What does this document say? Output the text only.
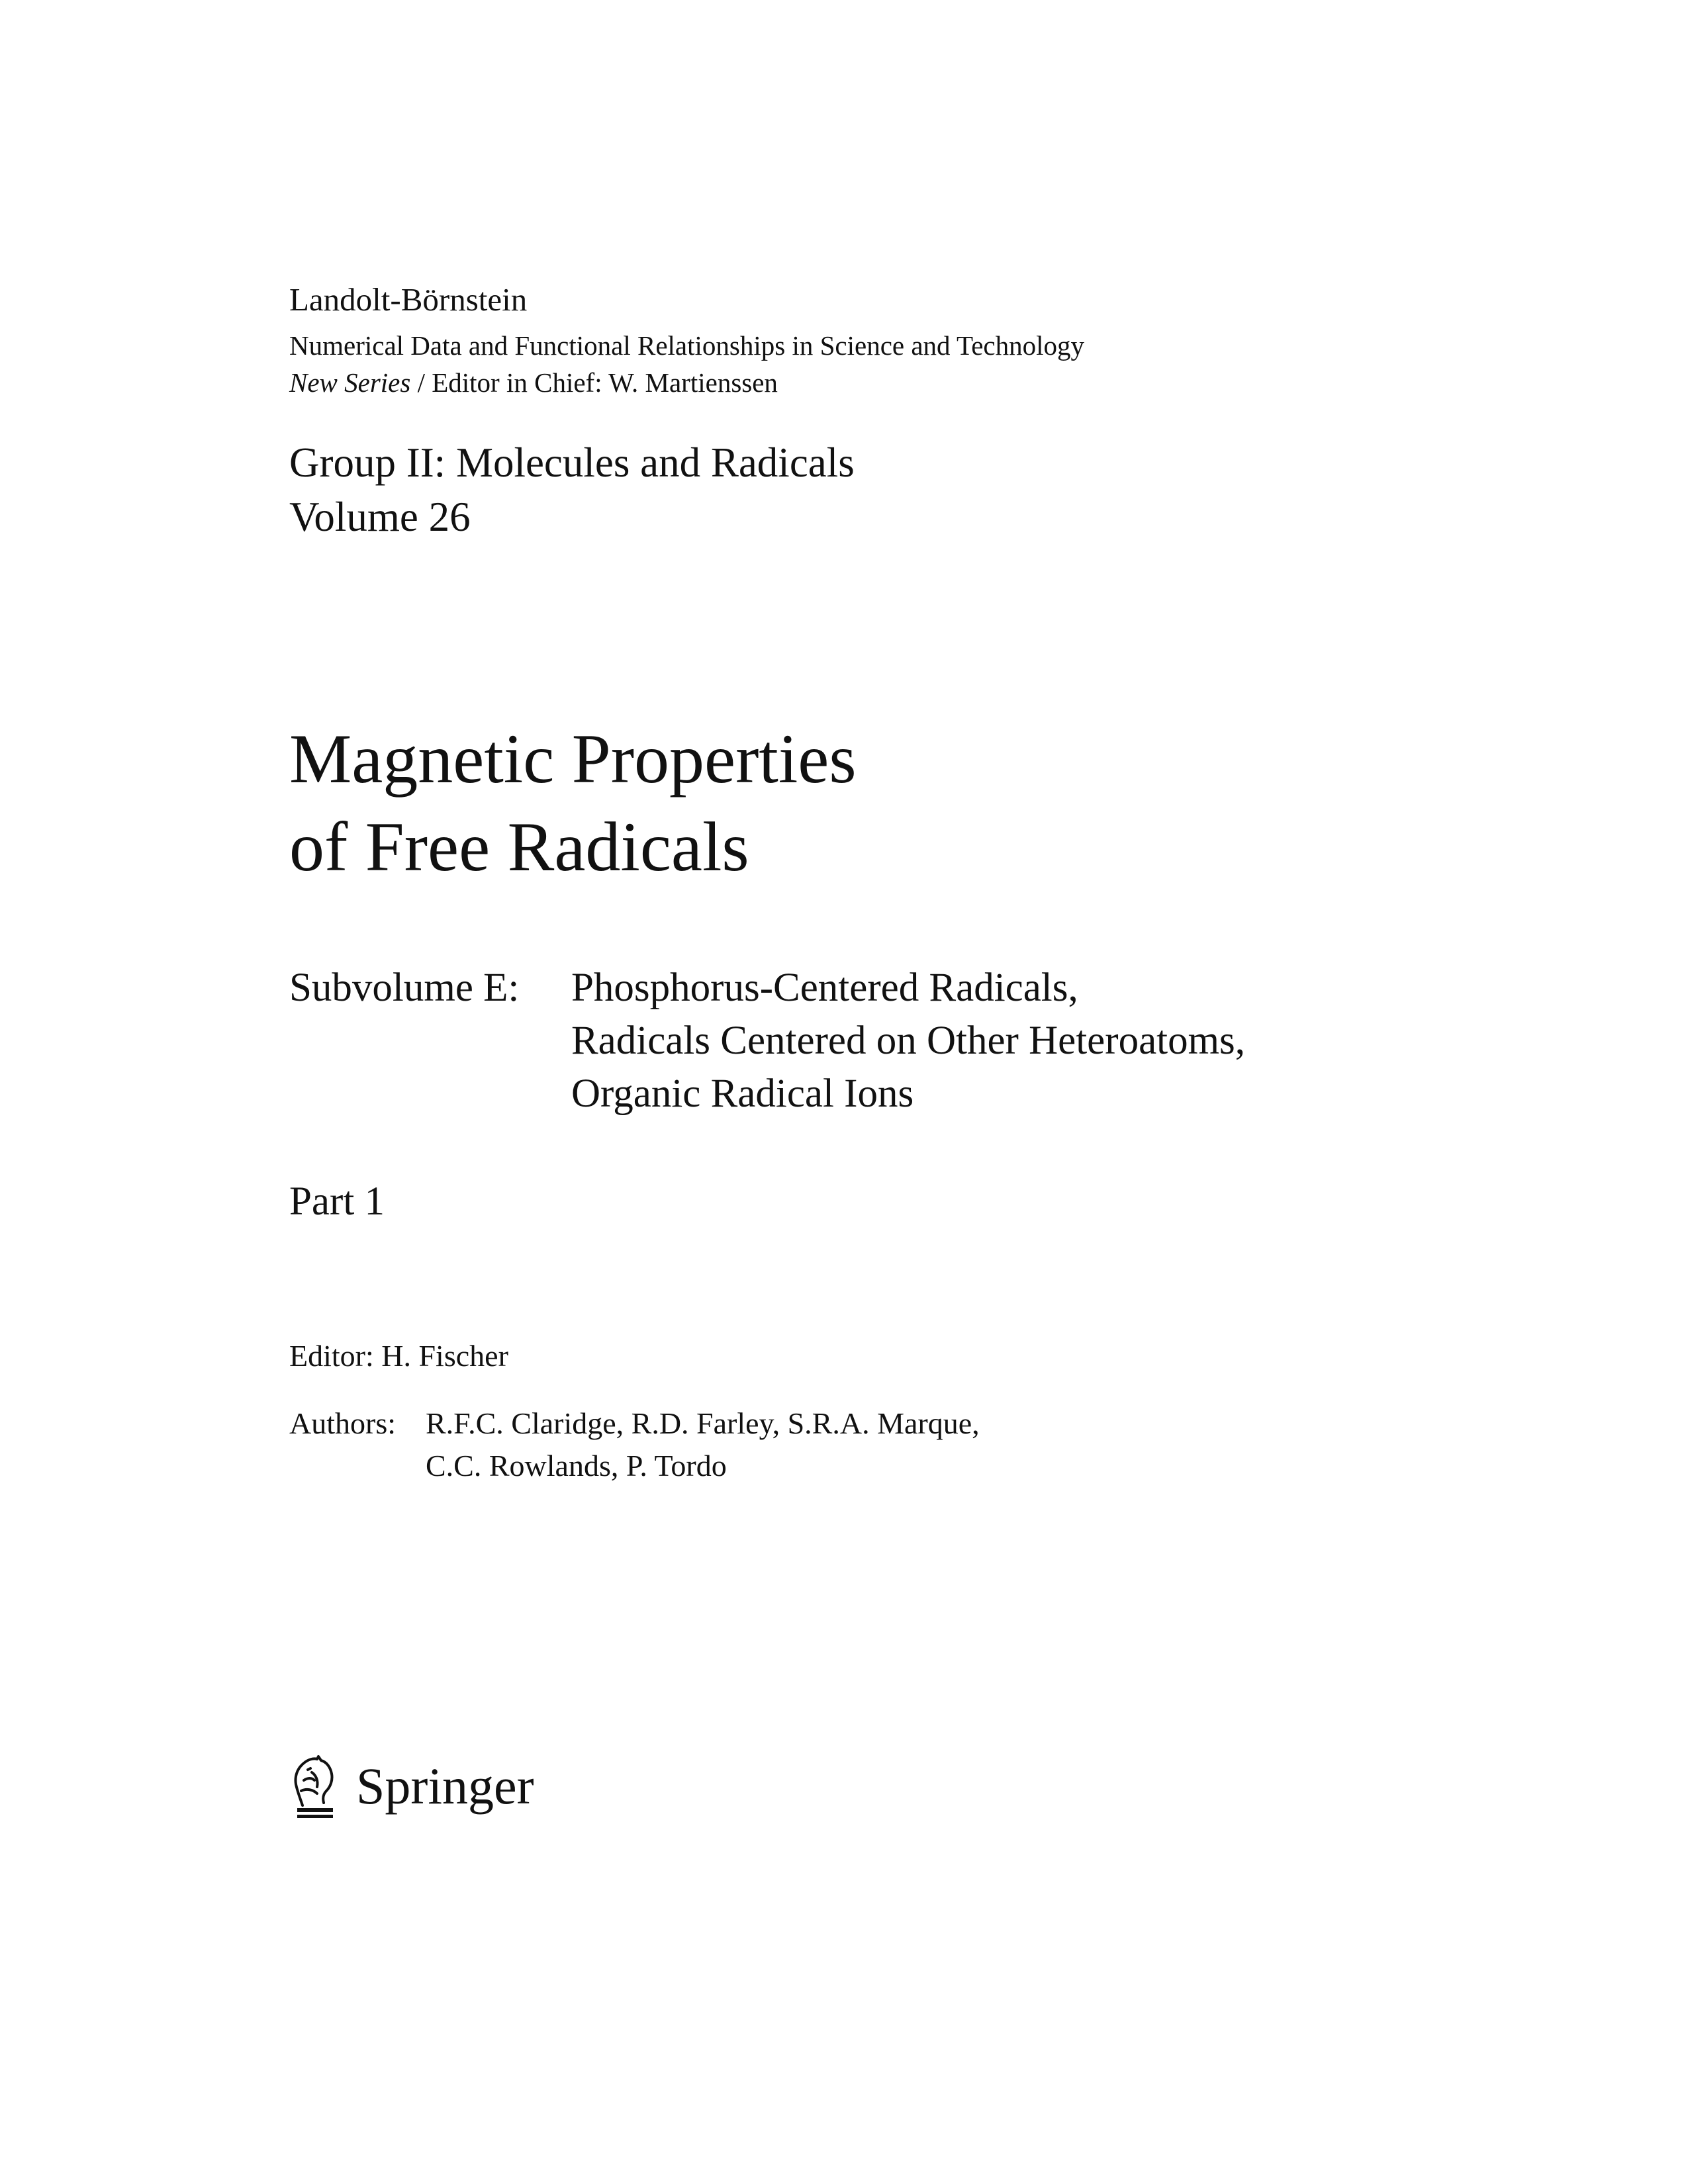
Landolt-Börnstein
Numerical Data and Functional Relationships in Science and Technology
New Series / Editor in Chief: W. Martienssen
Group II: Molecules and Radicals
Volume 26
Magnetic Properties
of Free Radicals
Subvolume E: Phosphorus-Centered Radicals,
Radicals Centered on Other Heteroatoms,
Organic Radical Ions
Part 1
Editor: H. Fischer
Authors: R.F.C. Claridge, R.D. Farley, S.R.A. Marque,
C.C. Rowlands, P. Tordo
Springer
